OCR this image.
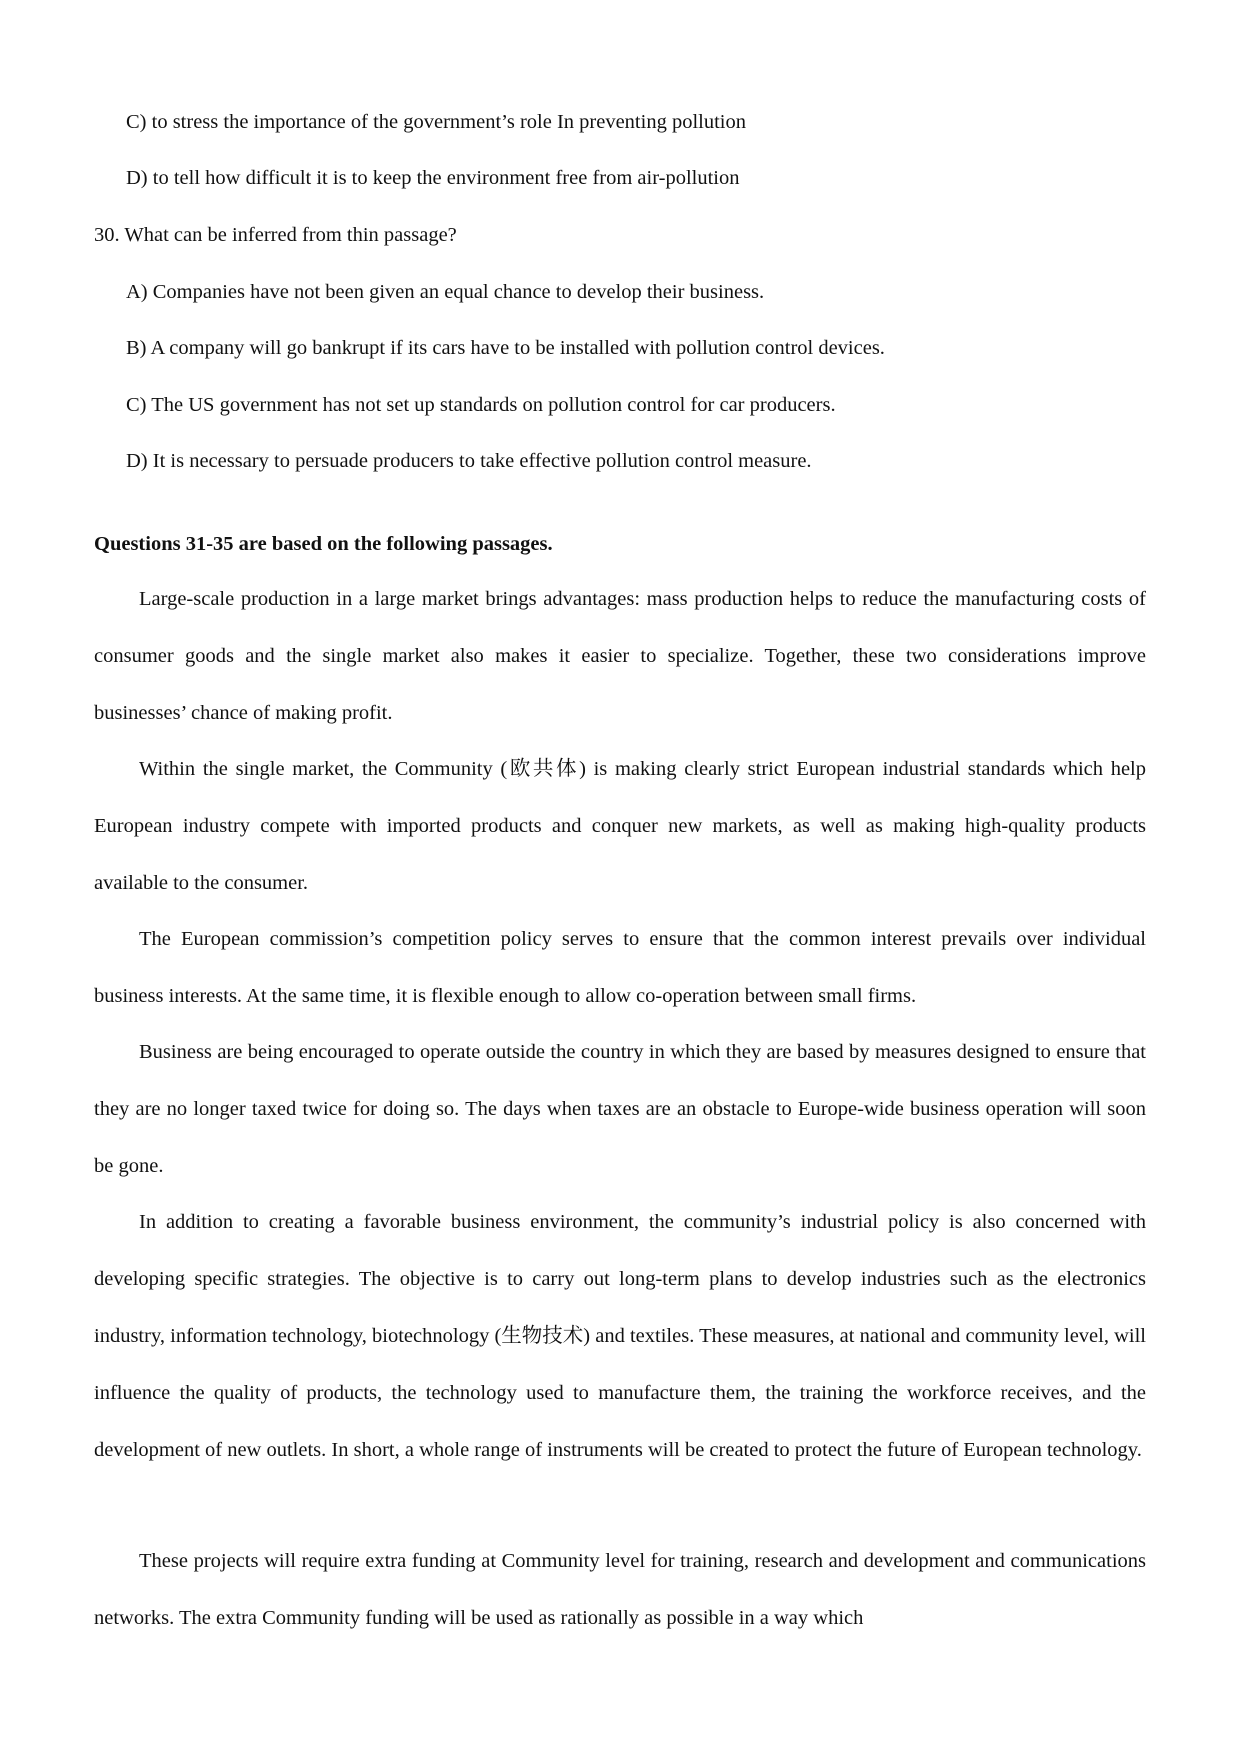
C) to stress the importance of the government’s role In preventing pollution
D) to tell how difficult it is to keep the environment free from air-pollution
30. What can be inferred from thin passage?
A) Companies have not been given an equal chance to develop their business.
B) A company will go bankrupt if its cars have to be installed with pollution control devices.
C) The US government has not set up standards on pollution control for car producers.
D) It is necessary to persuade producers to take effective pollution control measure.
Questions 31-35 are based on the following passages.
Large-scale production in a large market brings advantages: mass production helps to reduce the manufacturing costs of consumer goods and the single market also makes it easier to specialize. Together, these two considerations improve businesses’ chance of making profit.
Within the single market, the Community (欧共体) is making clearly strict European industrial standards which help European industry compete with imported products and conquer new markets, as well as making high-quality products available to the consumer.
The European commission’s competition policy serves to ensure that the common interest prevails over individual business interests. At the same time, it is flexible enough to allow co-operation between small firms.
Business are being encouraged to operate outside the country in which they are based by measures designed to ensure that they are no longer taxed twice for doing so. The days when taxes are an obstacle to Europe-wide business operation will soon be gone.
In addition to creating a favorable business environment, the community’s industrial policy is also concerned with developing specific strategies. The objective is to carry out long-term plans to develop industries such as the electronics industry, information technology, biotechnology (生物技术) and textiles. These measures, at national and community level, will influence the quality of products, the technology used to manufacture them, the training the workforce receives, and the development of new outlets. In short, a whole range of instruments will be created to protect the future of European technology.
These projects will require extra funding at Community level for training, research and development and communications networks. The extra Community funding will be used as rationally as possible in a way which
